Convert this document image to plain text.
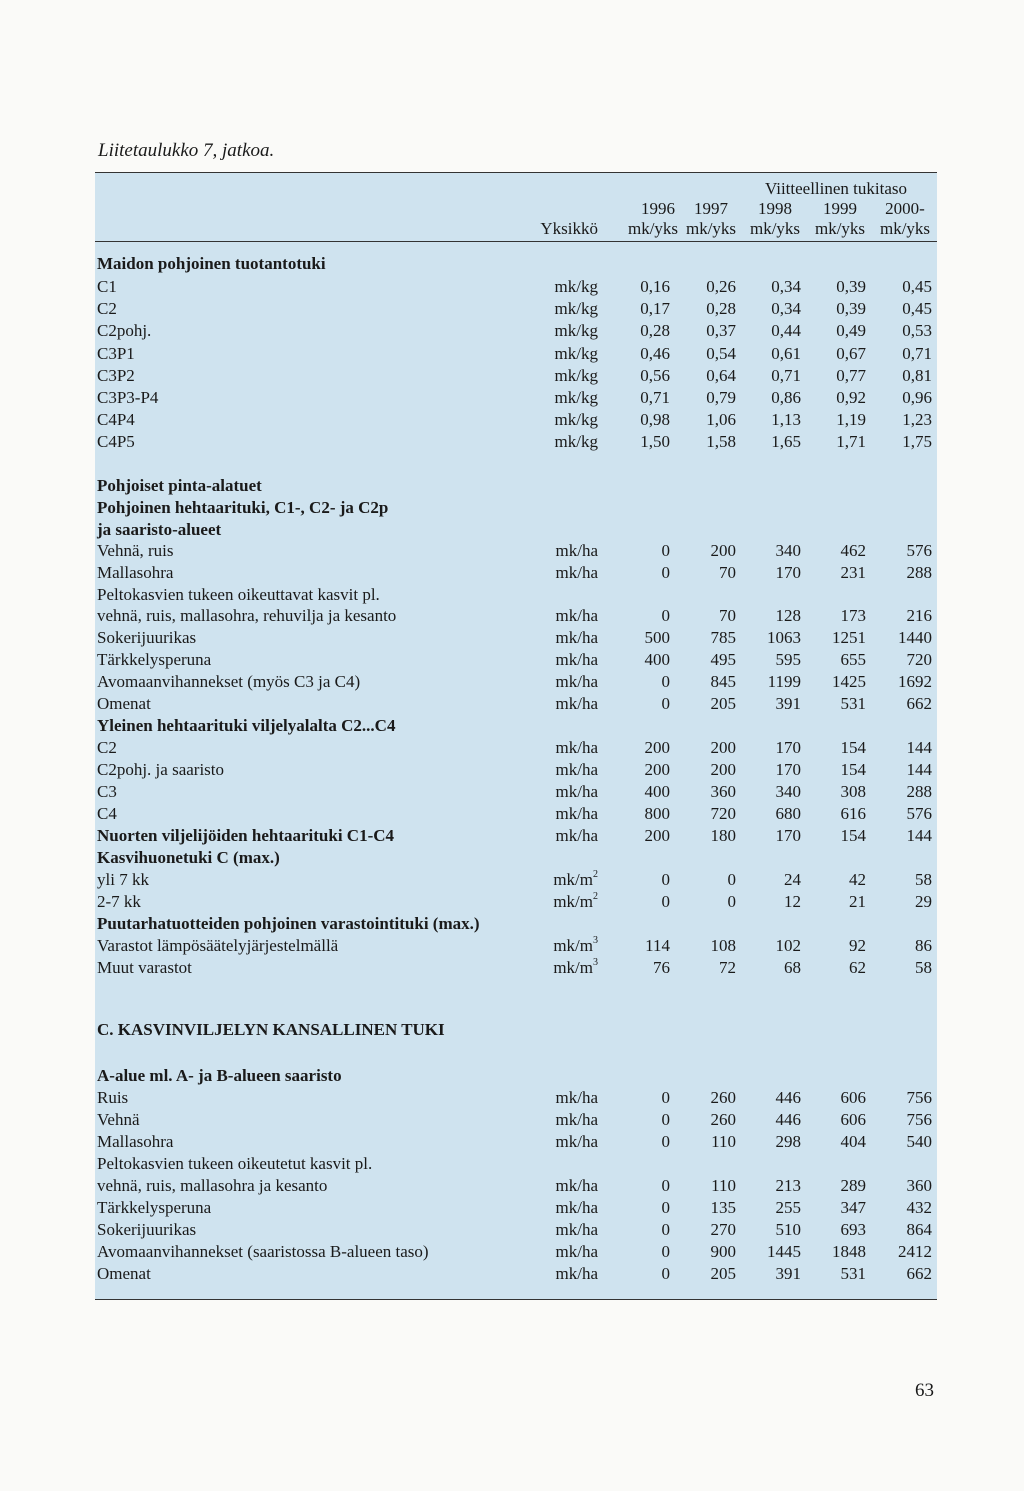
Liitetaulukko 7, jatkoa.
Viitteellinen tukitaso
Yksikkö
1996	1997	1998	1999	2000-
mk/yks mk/yks mk/yks mk/yks mk/yks
Maidon pohjoinen tuotantotuki
C1	mk/kg	0,16	0,26	0,34	0,39	0,45
C2	mk/kg	0,17	0,28	0,34	0,39	0,45
C2pohj.	mk/kg	0,28	0,37	0,44	0,49	0,53
C3P1	mk/kg	0,46	0,54	0,61	0,67	0,71
C3P2	mk/kg	0,56	0,64	0,71	0,77	0,81
C3P3-P4	mk/kg	0,71	0,79	0,86	0,92	0,96
C4P4	mk/kg	0,98	1,06	1,13	1,19	1,23
C4P5	mk/kg	1,50	1,58	1,65	1,71	1,75
Pohjoiset pinta-alatuet
Pohjoinen hehtaarituki, C1-, C2- ja C2p
ja saaristo-alueet
Vehnä, ruis	mk/ha	0	200	340	462	576
Mallasohra	mk/ha	0	70	170	231	288
Peltokasvien tukeen oikeuttavat kasvit pl.
vehnä, ruis, mallasohra, rehuvilja ja kesanto	mk/ha	0	70	128	173	216
Sokerijuurikas	mk/ha	500	785	1063	1251	1440
Tärkkelysperuna	mk/ha	400	495	595	655	720
Avomaanvihannekset (myös C3 ja C4)	mk/ha	0	845	1199	1425	1692
Omenat	mk/ha	0	205	391	531	662
Yleinen hehtaarituki viljelyalalta C2...C4
C2	mk/ha	200	200	170	154	144
C2pohj. ja saaristo	mk/ha	200	200	170	154	144
C3	mk/ha	400	360	340	308	288
C4	mk/ha	800	720	680	616	576
Nuorten viljelijöiden hehtaarituki C1-C4	mk/ha	200	180	170	154	144
Kasvihuonetuki C (max.)
yli 7 kk	$mk/m^2$	0	0	24	42	58
2-7 kk	$mk/m^2$	0	0	12	21	29
Puutarhatuotteiden pohjoinen varastointituki (max.)
Varastot lämpösäätelyjärjestelmällä	$mk/m^3$	114	108	102	92	86
Muut varastot	$mk/m^3$	76	72	68	62	58
C. KASVINVILJELYN KANSALLINEN TUKI
A-alue ml. A- ja B-alueen saaristo
Ruis	mk/ha	0	260	446	606	756
Vehnä	mk/ha	0	260	446	606	756
Mallasohra	mk/ha	0	110	298	404	540
Peltokasvien tukeen oikeutetut kasvit pl.
vehnä, ruis, mallasohra ja kesanto	mk/ha	0	110	213	289	360
Tärkkelysperuna	mk/ha	0	135	255	347	432
Sokerijuurikas	mk/ha	0	270	510	693	864
Avomaanvihannekset (saaristossa B-alueen taso)	mk/ha	0	900	1445	1848	2412
Omenat	mk/ha	0	205	391	531	662
63
